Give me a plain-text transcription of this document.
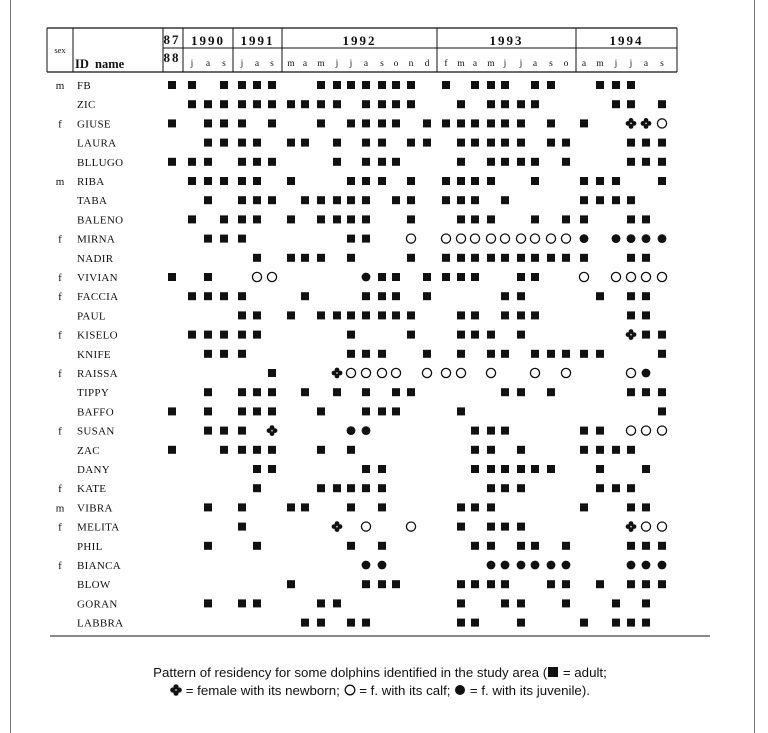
sex
ID name
87
88
1990
j a s
1991
j a s
1992
m a m j j a s o n d
1993
f m a m j j a s o
1994
a m j j a s
m FB
ZIC
f GIUSE
LAURA
BLLUGO
m RIBA
TABA
BALENO
f MIRNA
NADIR
f VIVIAN
f FACCIA
PAUL
f KISELO
KNIFE
f RAISSA
TIPPY
BAFFO
f SUSAN
ZAC
DANY
f KATE
m VIBRA
f MELITA
PHIL
f BIANCA
BLOW
GORAN
LABBRA
Pattern of residency for some dolphins identified in the study area ( = adult;
= female with its newborn;  = f. with its calf;  = f. with its juvenile).
